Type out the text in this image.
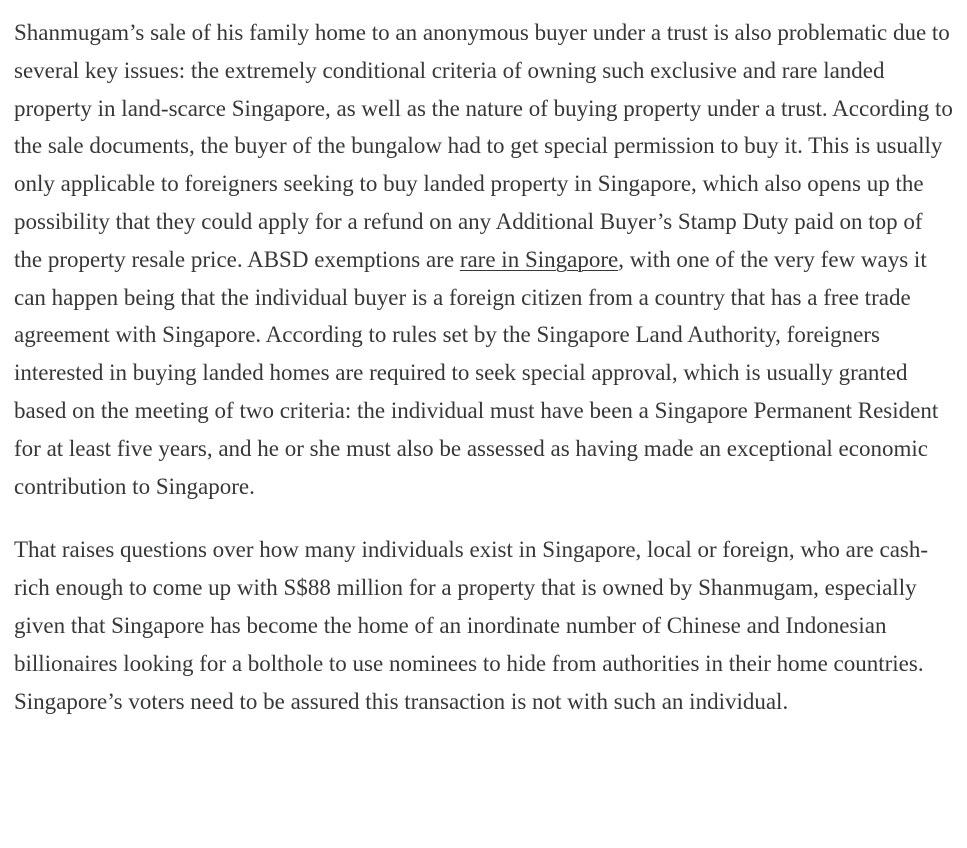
Shanmugam’s sale of his family home to an anonymous buyer under a trust is also problematic due to several key issues: the extremely conditional criteria of owning such exclusive and rare landed property in land-scarce Singapore, as well as the nature of buying property under a trust. According to the sale documents, the buyer of the bungalow had to get special permission to buy it. This is usually only applicable to foreigners seeking to buy landed property in Singapore, which also opens up the possibility that they could apply for a refund on any Additional Buyer’s Stamp Duty paid on top of the property resale price. ABSD exemptions are rare in Singapore, with one of the very few ways it can happen being that the individual buyer is a foreign citizen from a country that has a free trade agreement with Singapore. According to rules set by the Singapore Land Authority, foreigners interested in buying landed homes are required to seek special approval, which is usually granted based on the meeting of two criteria: the individual must have been a Singapore Permanent Resident for at least five years, and he or she must also be assessed as having made an exceptional economic contribution to Singapore.

That raises questions over how many individuals exist in Singapore, local or foreign, who are cash-rich enough to come up with S$88 million for a property that is owned by Shanmugam, especially given that Singapore has become the home of an inordinate number of Chinese and Indonesian billionaires looking for a bolthole to use nominees to hide from authorities in their home countries. Singapore’s voters need to be assured this transaction is not with such an individual.
